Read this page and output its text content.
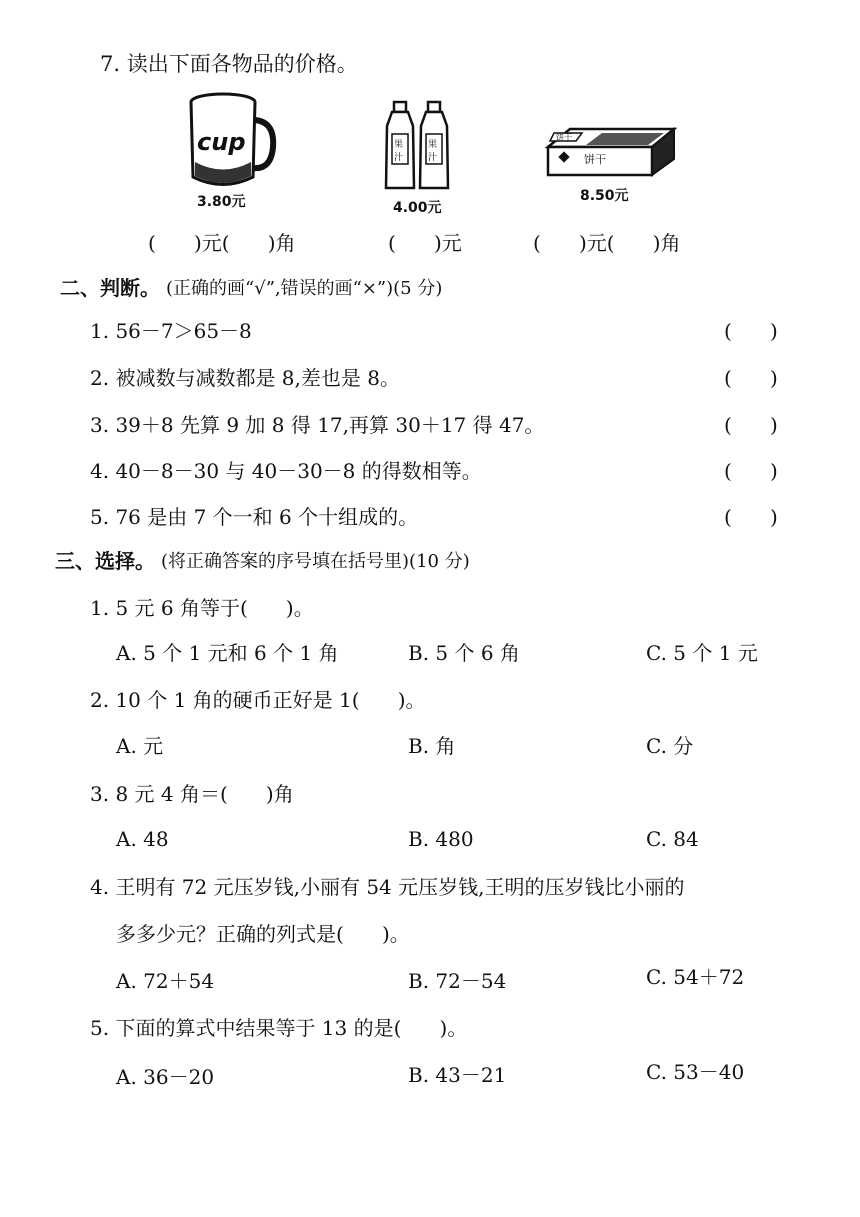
7. 读出下面各物品的价格。
cup
3.80元
果
汁
果
汁
4.00元
饼干
饼干
8.50元
(      )元(      )角	(      )元	(      )元(      )角
二、判断。 (正确的画“√”,错误的画“×”)(5 分)
1. 56－7＞65－8
2. 被减数与减数都是 8,差也是 8。
3. 39＋8 先算 9 加 8 得 17,再算 30＋17 得 47。
4. 40－8－30 与 40－30－8 的得数相等。
5. 76 是由 7 个一和 6 个十组成的。
(      )
(      )
(      )
(      )
(      )
三、选择。 (将正确答案的序号填在括号里)(10 分)
1. 5 元 6 角等于(      )。
A. 5 个 1 元和 6 个 1 角	B. 5 个 6 角	C. 5 个 1 元
2. 10 个 1 角的硬币正好是 1(      )。
A. 元	B. 角	C. 分
3. 8 元 4 角＝(      )角
A. 48	B. 480	C. 84
4. 王明有 72 元压岁钱,小丽有 54 元压岁钱,王明的压岁钱比小丽的
多多少元？正确的列式是(      )。
A. 72＋54	B. 72－54	C. 54＋72
5. 下面的算式中结果等于 13 的是(      )。
A. 36－20	B. 43－21	C. 53－40
